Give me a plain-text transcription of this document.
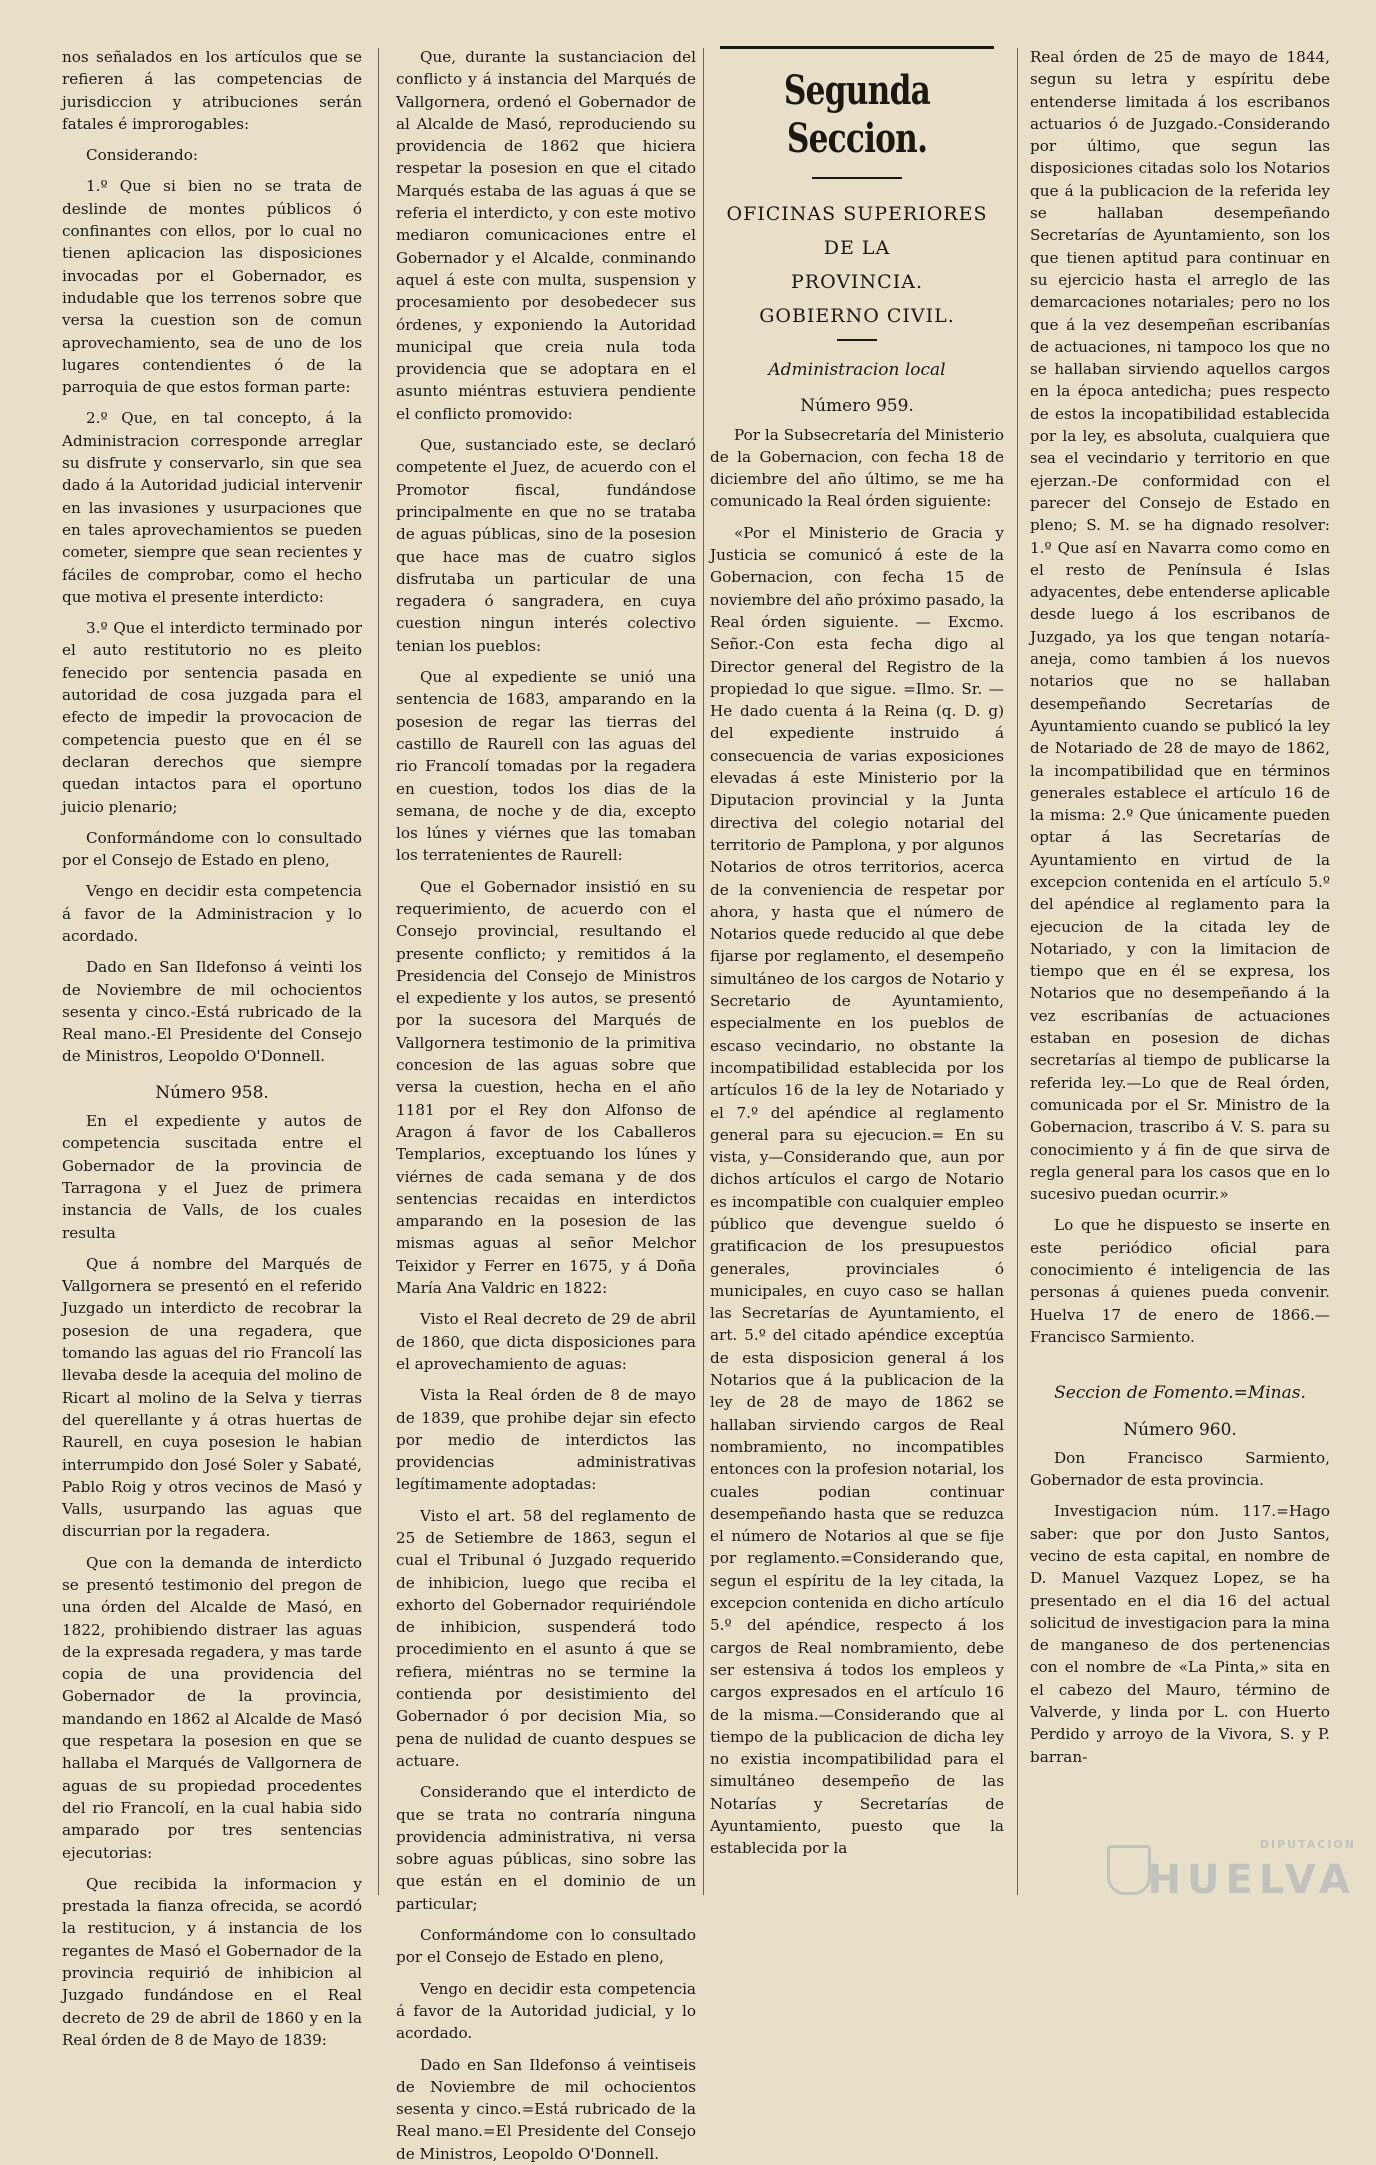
nos señalados en los artículos que se refieren á las competencias de jurisdiccion y atribuciones serán fatales é improrogables:

Considerando:

1.º Que si bien no se trata de deslinde de montes públicos ó confinantes con ellos, por lo cual no tienen aplicacion las disposiciones invocadas por el Gobernador, es indudable que los terrenos sobre que versa la cuestion son de comun aprovechamiento, sea de uno de los lugares contendientes ó de la parroquia de que estos forman parte:

2.º Que, en tal concepto, á la Administracion corresponde arreglar su disfrute y conservarlo, sin que sea dado á la Autoridad judicial intervenir en las invasiones y usurpaciones que en tales aprovechamientos se pueden cometer, siempre que sean recientes y fáciles de comprobar, como el hecho que motiva el presente interdicto:

3.º Que el interdicto terminado por el auto restitutorio no es pleito fenecido por sentencia pasada en autoridad de cosa juzgada para el efecto de impedir la provocacion de competencia puesto que en él se declaran derechos que siempre quedan intactos para el oportuno juicio plenario;

Conformándome con lo consultado por el Consejo de Estado en pleno,

Vengo en decidir esta competencia á favor de la Administracion y lo acordado.

Dado en San Ildefonso á veinti los de Noviembre de mil ochocientos sesenta y cinco.-Está rubricado de la Real mano.-El Presidente del Consejo de Ministros, Leopoldo O'Donnell.

Número 958.

En el expediente y autos de competencia suscitada entre el Gobernador de la provincia de Tarragona y el Juez de primera instancia de Valls, de los cuales resulta

Que á nombre del Marqués de Vallgornera se presentó en el referido Juzgado un interdicto de recobrar la posesion de una regadera, que tomando las aguas del rio Francolí las llevaba desde la acequia del molino de Ricart al molino de la Selva y tierras del querellante y á otras huertas de Raurell, en cuya posesion le habian interrumpido don José Soler y Sabaté, Pablo Roig y otros vecinos de Masó y Valls, usurpando las aguas que discurrian por la regadera.

Que con la demanda de interdicto se presentó testimonio del pregon de una órden del Alcalde de Masó, en 1822, prohibiendo distraer las aguas de la expresada regadera, y mas tarde copia de una providencia del Gobernador de la provincia, mandando en 1862 al Alcalde de Masó que respetara la posesion en que se hallaba el Marqués de Vallgornera de aguas de su propiedad procedentes del rio Francolí, en la cual habia sido amparado por tres sentencias ejecutorias:

Que recibida la informacion y prestada la fianza ofrecida, se acordó la restitucion, y á instancia de los regantes de Masó el Gobernador de la provincia requirió de inhibicion al Juzgado fundándose en el Real decreto de 29 de abril de 1860 y en la Real órden de 8 de Mayo de 1839:

Que, durante la sustanciacion del conflicto y á instancia del Marqués de Vallgornera, ordenó el Gobernador de al Alcalde de Masó, reproduciendo su providencia de 1862 que hiciera respetar la posesion en que el citado Marqués estaba de las aguas á que se referia el interdicto, y con este motivo mediaron comunicaciones entre el Gobernador y el Alcalde, conminando aquel á este con multa, suspension y procesamiento por desobedecer sus órdenes, y exponiendo la Autoridad municipal que creia nula toda providencia que se adoptara en el asunto miéntras estuviera pendiente el conflicto promovido:

Que, sustanciado este, se declaró competente el Juez, de acuerdo con el Promotor fiscal, fundándose principalmente en que no se trataba de aguas públicas, sino de la posesion que hace mas de cuatro siglos disfrutaba un particular de una regadera ó sangradera, en cuya cuestion ningun interés colectivo tenian los pueblos:

Que al expediente se unió una sentencia de 1683, amparando en la posesion de regar las tierras del castillo de Raurell con las aguas del rio Francolí tomadas por la regadera en cuestion, todos los dias de la semana, de noche y de dia, excepto los lúnes y viérnes que las tomaban los terratenientes de Raurell:

Que el Gobernador insistió en su requerimiento, de acuerdo con el Consejo provincial, resultando el presente conflicto; y remitidos á la Presidencia del Consejo de Ministros el expediente y los autos, se presentó por la sucesora del Marqués de Vallgornera testimonio de la primitiva concesion de las aguas sobre que versa la cuestion, hecha en el año 1181 por el Rey don Alfonso de Aragon á favor de los Caballeros Templarios, exceptuando los lúnes y viérnes de cada semana y de dos sentencias recaidas en interdictos amparando en la posesion de las mismas aguas al señor Melchor Teixidor y Ferrer en 1675, y á Doña María Ana Valdric en 1822:

Visto el Real decreto de 29 de abril de 1860, que dicta disposiciones para el aprovechamiento de aguas:

Vista la Real órden de 8 de mayo de 1839, que prohibe dejar sin efecto por medio de interdictos las providencias administrativas legítimamente adoptadas:

Visto el art. 58 del reglamento de 25 de Setiembre de 1863, segun el cual el Tribunal ó Juzgado requerido de inhibicion, luego que reciba el exhorto del Gobernador requiriéndole de inhibicion, suspenderá todo procedimiento en el asunto á que se refiera, miéntras no se termine la contienda por desistimiento del Gobernador ó por decision Mia, so pena de nulidad de cuanto despues se actuare.

Considerando que el interdicto de que se trata no contraría ninguna providencia administrativa, ni versa sobre aguas públicas, sino sobre las que están en el dominio de un particular;

Conformándome con lo consultado por el Consejo de Estado en pleno,

Vengo en decidir esta competencia á favor de la Autoridad judicial, y lo acordado.

Dado en San Ildefonso á veintiseis de Noviembre de mil ochocientos sesenta y cinco.=Está rubricado de la Real mano.=El Presidente del Consejo de Ministros, Leopoldo O'Donnell.

Segunda Seccion.
OFICINAS SUPERIORES DE LA
PROVINCIA.
GOBIERNO CIVIL.
Administracion local
Número 959.

Por la Subsecretaría del Ministerio de la Gobernacion, con fecha 18 de diciembre del año último, se me ha comunicado la Real órden siguiente:

«Por el Ministerio de Gracia y Justicia se comunicó á este de la Gobernacion, con fecha 15 de noviembre del año próximo pasado, la Real órden siguiente. — Excmo. Señor.-Con esta fecha digo al Director general del Registro de la propiedad lo que sigue. =Ilmo. Sr. — He dado cuenta á la Reina (q. D. g) del expediente instruido á consecuencia de varias exposiciones elevadas á este Ministerio por la Diputacion provincial y la Junta directiva del colegio notarial del territorio de Pamplona, y por algunos Notarios de otros territorios, acerca de la conveniencia de respetar por ahora, y hasta que el número de Notarios quede reducido al que debe fijarse por reglamento, el desempeño simultáneo de los cargos de Notario y Secretario de Ayuntamiento, especialmente en los pueblos de escaso vecindario, no obstante la incompatibilidad establecida por los artículos 16 de la ley de Notariado y el 7.º del apéndice al reglamento general para su ejecucion.= En su vista, y—Considerando que, aun por dichos artículos el cargo de Notario es incompatible con cualquier empleo público que devengue sueldo ó gratificacion de los presupuestos generales, provinciales ó municipales, en cuyo caso se hallan las Secretarías de Ayuntamiento, el art. 5.º del citado apéndice exceptúa de esta disposicion general á los Notarios que á la publicacion de la ley de 28 de mayo de 1862 se hallaban sirviendo cargos de Real nombramiento, no incompatibles entonces con la profesion notarial, los cuales podian continuar desempeñando hasta que se reduzca el número de Notarios al que se fije por reglamento.=Considerando que, segun el espíritu de la ley citada, la excepcion contenida en dicho artículo 5.º del apéndice, respecto á los cargos de Real nombramiento, debe ser estensiva á todos los empleos y cargos expresados en el artículo 16 de la misma.—Considerando que al tiempo de la publicacion de dicha ley no existia incompatibilidad para el simultáneo desempeño de las Notarías y Secretarías de Ayuntamiento, puesto que la establecida por la

Real órden de 25 de mayo de 1844, segun su letra y espíritu debe entenderse limitada á los escribanos actuarios ó de Juzgado.-Considerando por último, que segun las disposiciones citadas solo los Notarios que á la publicacion de la referida ley se hallaban desempeñando Secretarías de Ayuntamiento, son los que tienen aptitud para continuar en su ejercicio hasta el arreglo de las demarcaciones notariales; pero no los que á la vez desempeñan escribanías de actuaciones, ni tampoco los que no se hallaban sirviendo aquellos cargos en la época antedicha; pues respecto de estos la incopatibilidad establecida por la ley, es absoluta, cualquiera que sea el vecindario y territorio en que ejerzan.-De conformidad con el parecer del Consejo de Estado en pleno; S. M. se ha dignado resolver: 1.º Que así en Navarra como como en el resto de Península é Islas adyacentes, debe entenderse aplicable desde luego á los escribanos de Juzgado, ya los que tengan notaría-aneja, como tambien á los nuevos notarios que no se hallaban desempeñando Secretarías de Ayuntamiento cuando se publicó la ley de Notariado de 28 de mayo de 1862, la incompatibilidad que en términos generales establece el artículo 16 de la misma: 2.º Que únicamente pueden optar á las Secretarías de Ayuntamiento en virtud de la excepcion contenida en el artículo 5.º del apéndice al reglamento para la ejecucion de la citada ley de Notariado, y con la limitacion de tiempo que en él se expresa, los Notarios que no desempeñando á la vez escribanías de actuaciones estaban en posesion de dichas secretarías al tiempo de publicarse la referida ley.—Lo que de Real órden, comunicada por el Sr. Ministro de la Gobernacion, trascribo á V. S. para su conocimiento y á fin de que sirva de regla general para los casos que en lo sucesivo puedan ocurrir.»

Lo que he dispuesto se inserte en este periódico oficial para conocimiento é inteligencia de las personas á quienes pueda convenir. Huelva 17 de enero de 1866.—Francisco Sarmiento.

Seccion de Fomento.=Minas.
Número 960.

Don Francisco Sarmiento, Gobernador de esta provincia.

Investigacion núm. 117.=Hago saber: que por don Justo Santos, vecino de esta capital, en nombre de D. Manuel Vazquez Lopez, se ha presentado en el dia 16 del actual solicitud de investigacion para la mina de manganeso de dos pertenencias con el nombre de «La Pinta,» sita en el cabezo del Mauro, término de Valverde, y linda por L. con Huerto Perdido y arroyo de la Vivora, S. y P. barran-

DIPUTACIÓN
HUELVA
